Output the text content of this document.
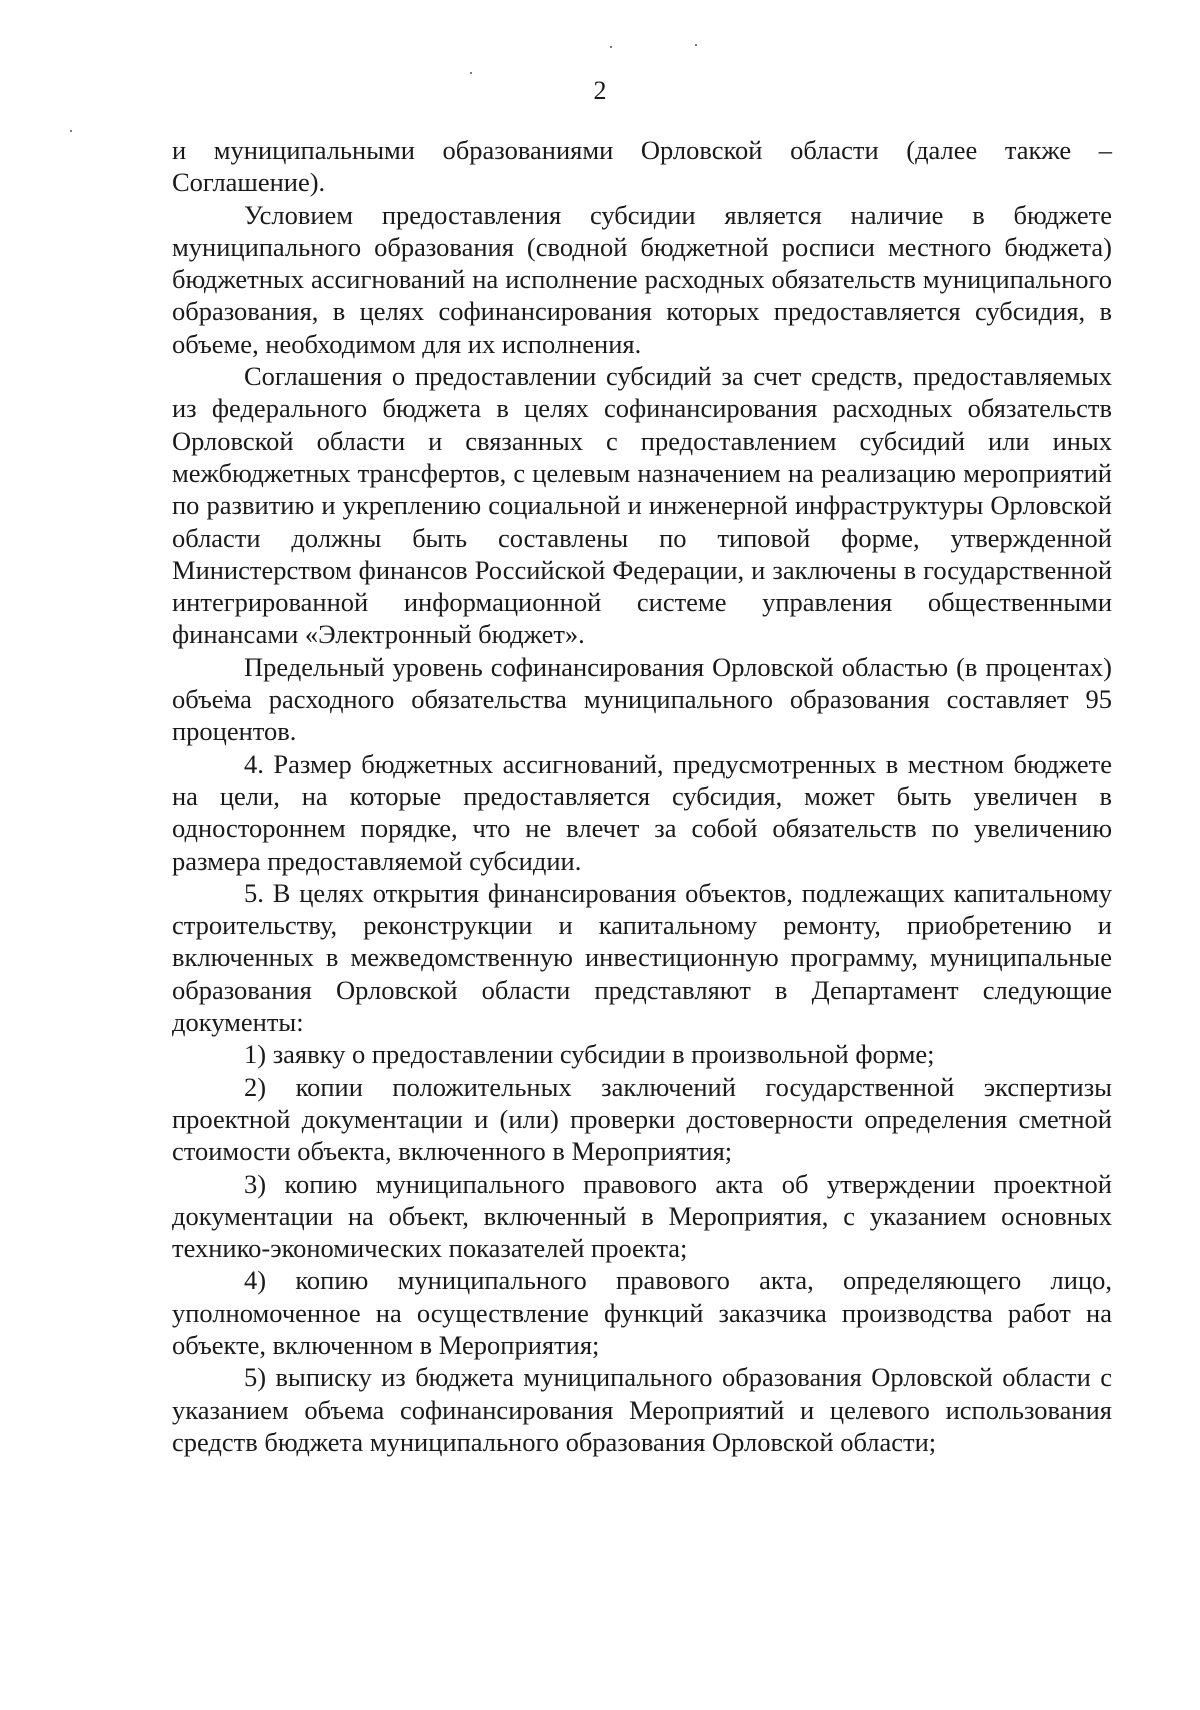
2

и муниципальными образованиями Орловской области (далее также – Соглашение).

Условием предоставления субсидии является наличие в бюджете муниципального образования (сводной бюджетной росписи местного бюджета) бюджетных ассигнований на исполнение расходных обязательств муниципального образования, в целях софинансирования которых предоставляется субсидия, в объеме, необходимом для их исполнения.

Соглашения о предоставлении субсидий за счет средств, предоставляемых из федерального бюджета в целях софинансирования расходных обязательств Орловской области и связанных с предоставлением субсидий или иных межбюджетных трансфертов, с целевым назначением на реализацию мероприятий по развитию и укреплению социальной и инженерной инфраструктуры Орловской области должны быть составлены по типовой форме, утвержденной Министерством финансов Российской Федерации, и заключены в государственной интегрированной информационной системе управления общественными финансами «Электронный бюджет».

Предельный уровень софинансирования Орловской областью (в процентах) объема расходного обязательства муниципального образования составляет 95 процентов.

4. Размер бюджетных ассигнований, предусмотренных в местном бюджете на цели, на которые предоставляется субсидия, может быть увеличен в одностороннем порядке, что не влечет за собой обязательств по увеличению размера предоставляемой субсидии.

5. В целях открытия финансирования объектов, подлежащих капитальному строительству, реконструкции и капитальному ремонту, приобретению и включенных в межведомственную инвестиционную программу, муниципальные образования Орловской области представляют в Департамент следующие документы:

1) заявку о предоставлении субсидии в произвольной форме;

2) копии положительных заключений государственной экспертизы проектной документации и (или) проверки достоверности определения сметной стоимости объекта, включенного в Мероприятия;

3) копию муниципального правового акта об утверждении проектной документации на объект, включенный в Мероприятия, с указанием основных технико-экономических показателей проекта;

4) копию муниципального правового акта, определяющего лицо, уполномоченное на осуществление функций заказчика производства работ на объекте, включенном в Мероприятия;

5) выписку из бюджета муниципального образования Орловской области с указанием объема софинансирования Мероприятий и целевого использования средств бюджета муниципального образования Орловской области;
